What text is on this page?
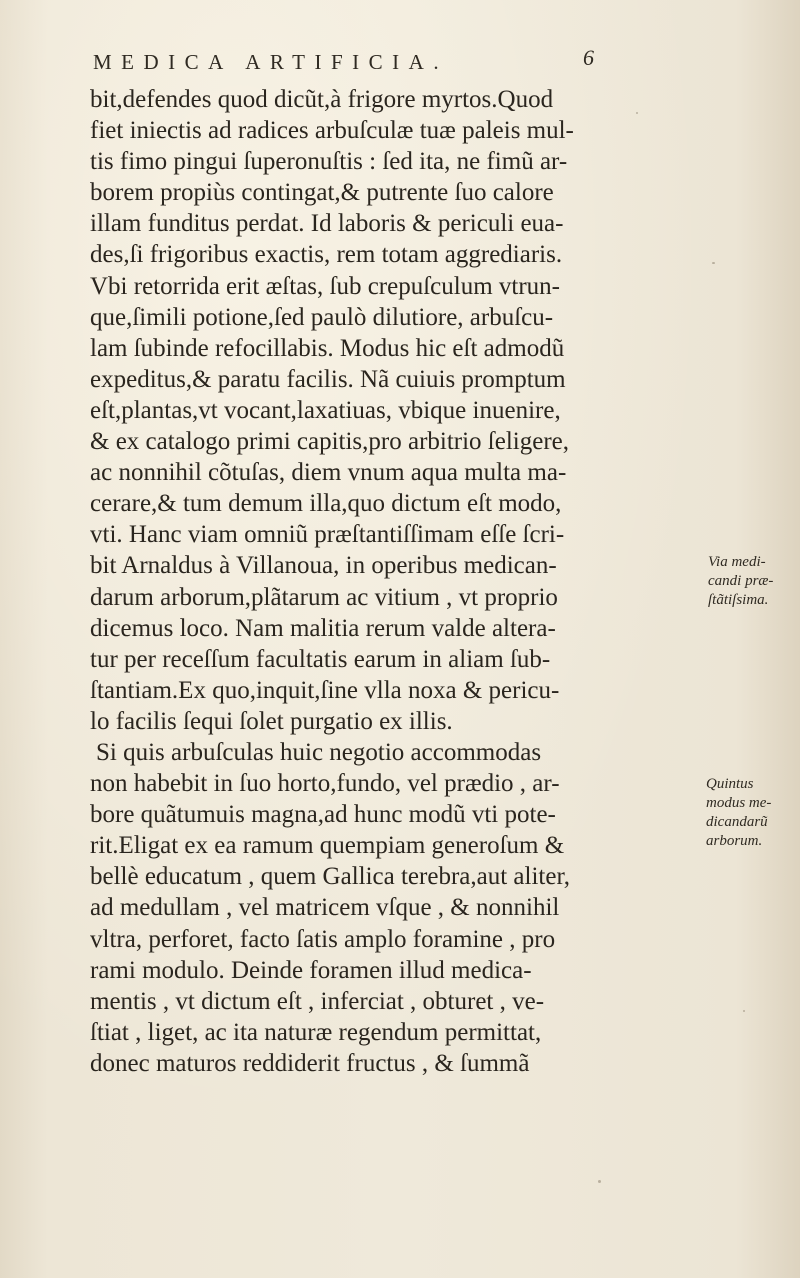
MEDICA ARTIFICIA.	6
bit,defendes quod dicũt,à frigore myrtos.Quod
fiet iniectis ad radices arbuſculæ tuæ paleis mul-
tis fimo pingui ſuperonuſtis : ſed ita, ne fimũ ar-
borem propiùs contingat,& putrente ſuo calore
illam funditus perdat. Id laboris & periculi eua-
des,ſi frigoribus exactis, rem totam aggrediaris.
Vbi retorrida erit æſtas, ſub crepuſculum vtrun-
que,ſimili potione,ſed paulò dilutiore, arbuſcu-
lam ſubinde refocillabis. Modus hic eſt admodũ
expeditus,& paratu facilis. Nã cuiuis promptum
eſt,plantas,vt vocant,laxatiuas, vbique inuenire,
& ex catalogo primi capitis,pro arbitrio ſeligere,
ac nonnihil cõtuſas, diem vnum aqua multa ma-
cerare,& tum demum illa,quo dictum eſt modo,
vti. Hanc viam omniũ præſtantiſſimam eſſe ſcri-
bit Arnaldus à Villanoua, in operibus medican-
darum arborum,plãtarum ac vitium , vt proprio
dicemus loco. Nam malitia rerum valde altera-
tur per receſſum facultatis earum in aliam ſub-
ſtantiam.Ex quo,inquit,ſine vlla noxa & pericu-
lo facilis ſequi ſolet purgatio ex illis.
Si quis arbuſculas huic negotio accommodas
non habebit in ſuo horto,fundo, vel prædio , ar-
bore quãtumuis magna,ad hunc modũ vti pote-
rit.Eligat ex ea ramum quempiam generoſum &
bellè educatum , quem Gallica terebra,aut aliter,
ad medullam , vel matricem vſque , & nonnihil
vltra, perforet, facto ſatis amplo foramine , pro
rami modulo. Deinde foramen illud medica-
mentis , vt dictum eſt , inferciat , obturet , ve-
ſtiat , liget, ac ita naturæ regendum permittat,
donec maturos reddiderit fructus , & ſummã
Via medi-
candi præ-
ſtãtiſsima.
Quintus
modus me-
dicandarũ
arborum.
